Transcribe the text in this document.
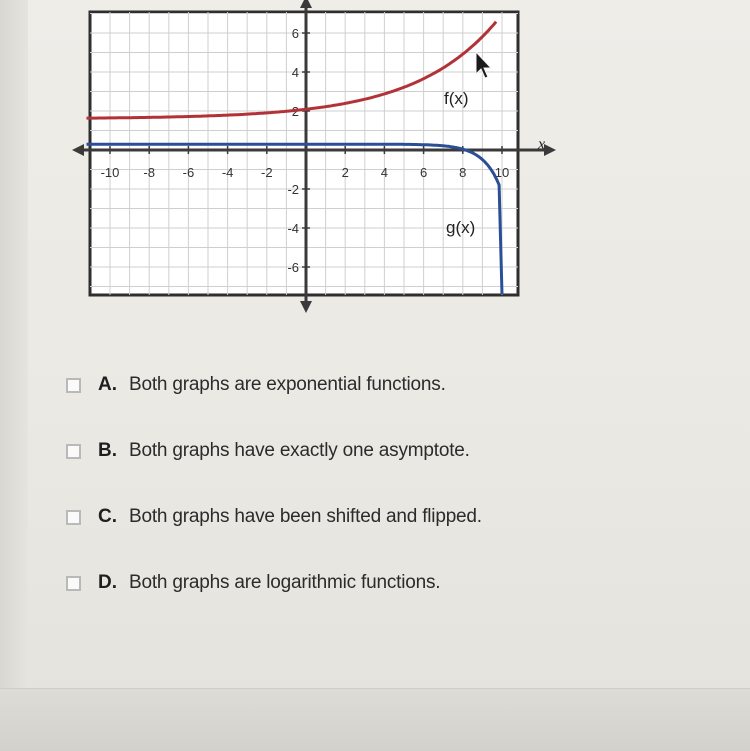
-10 -8 -6 -4 -2	2 4 6 8 10
6
4
2
-2
-4
-6
f(x)
g(x)
x
A. Both graphs are exponential functions.
B. Both graphs have exactly one asymptote.
C. Both graphs have been shifted and flipped.
D. Both graphs are logarithmic functions.
